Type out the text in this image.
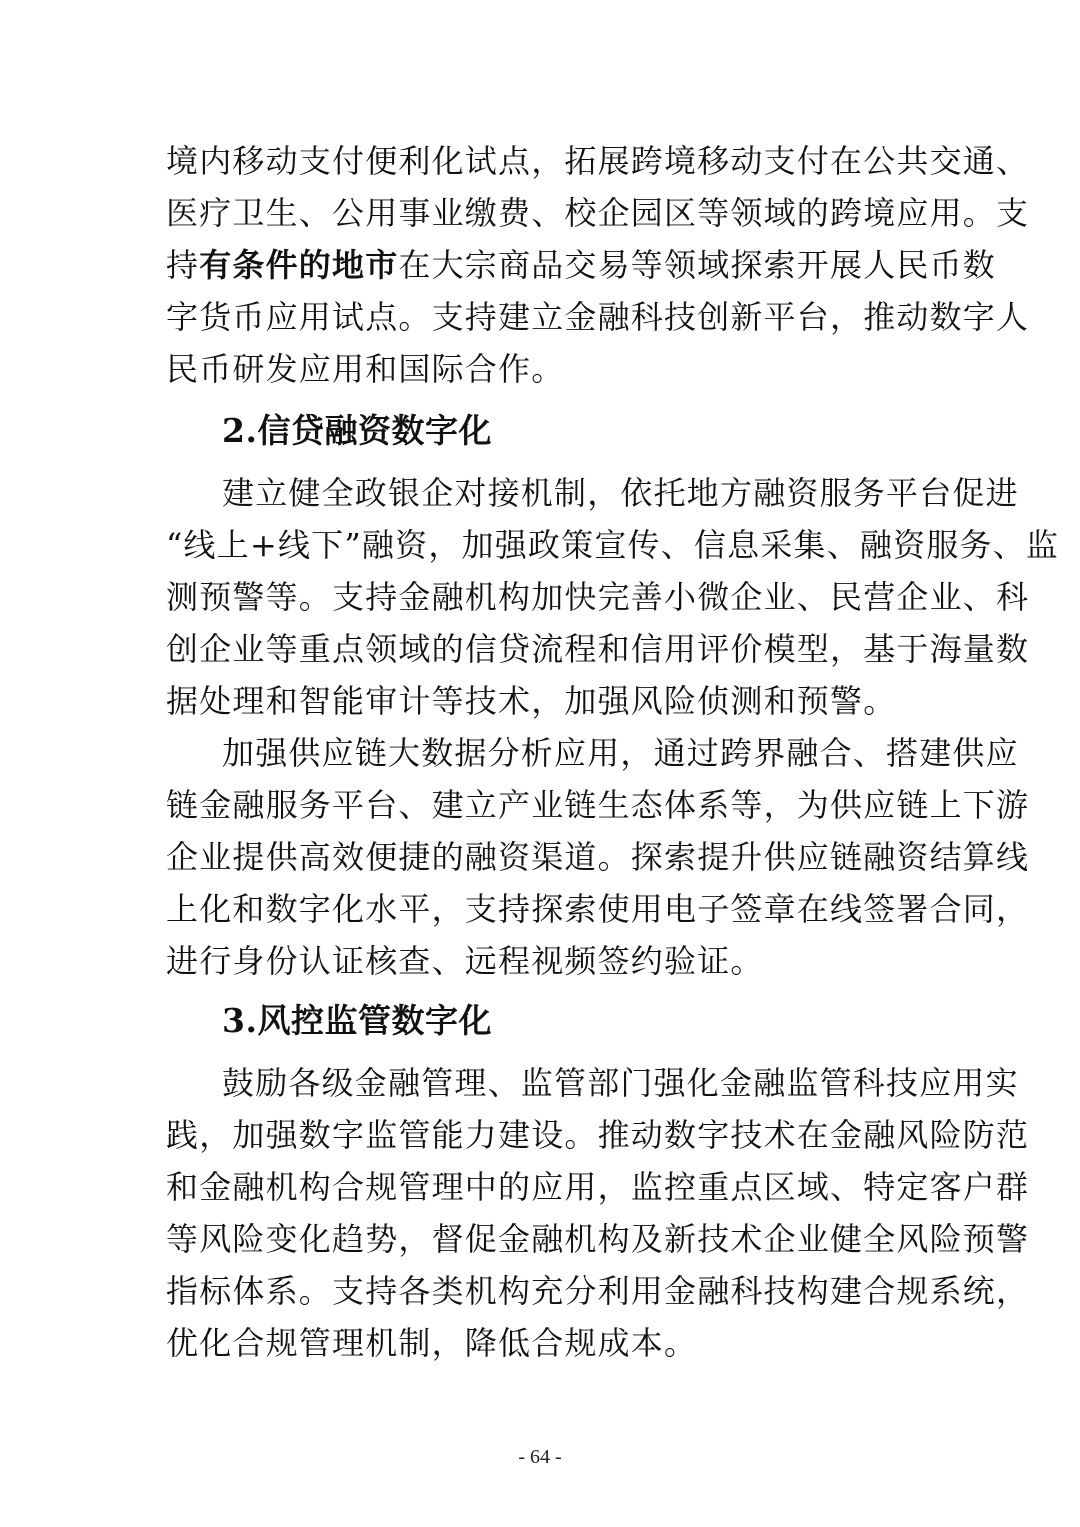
境内移动支付便利化试点，拓展跨境移动支付在公共交通、
医疗卫生、公用事业缴费、校企园区等领域的跨境应用。支
持有条件的地市在大宗商品交易等领域探索开展人民币数
字货币应用试点。支持建立金融科技创新平台，推动数字人
民币研发应用和国际合作。
2.信贷融资数字化
建立健全政银企对接机制，依托地方融资服务平台促进
“线上+线下”融资，加强政策宣传、信息采集、融资服务、监
测预警等。支持金融机构加快完善小微企业、民营企业、科
创企业等重点领域的信贷流程和信用评价模型，基于海量数
据处理和智能审计等技术，加强风险侦测和预警。
加强供应链大数据分析应用，通过跨界融合、搭建供应
链金融服务平台、建立产业链生态体系等，为供应链上下游
企业提供高效便捷的融资渠道。探索提升供应链融资结算线
上化和数字化水平，支持探索使用电子签章在线签署合同，
进行身份认证核查、远程视频签约验证。
3.风控监管数字化
鼓励各级金融管理、监管部门强化金融监管科技应用实
践，加强数字监管能力建设。推动数字技术在金融风险防范
和金融机构合规管理中的应用，监控重点区域、特定客户群
等风险变化趋势，督促金融机构及新技术企业健全风险预警
指标体系。支持各类机构充分利用金融科技构建合规系统，
优化合规管理机制，降低合规成本。
- 64 -
